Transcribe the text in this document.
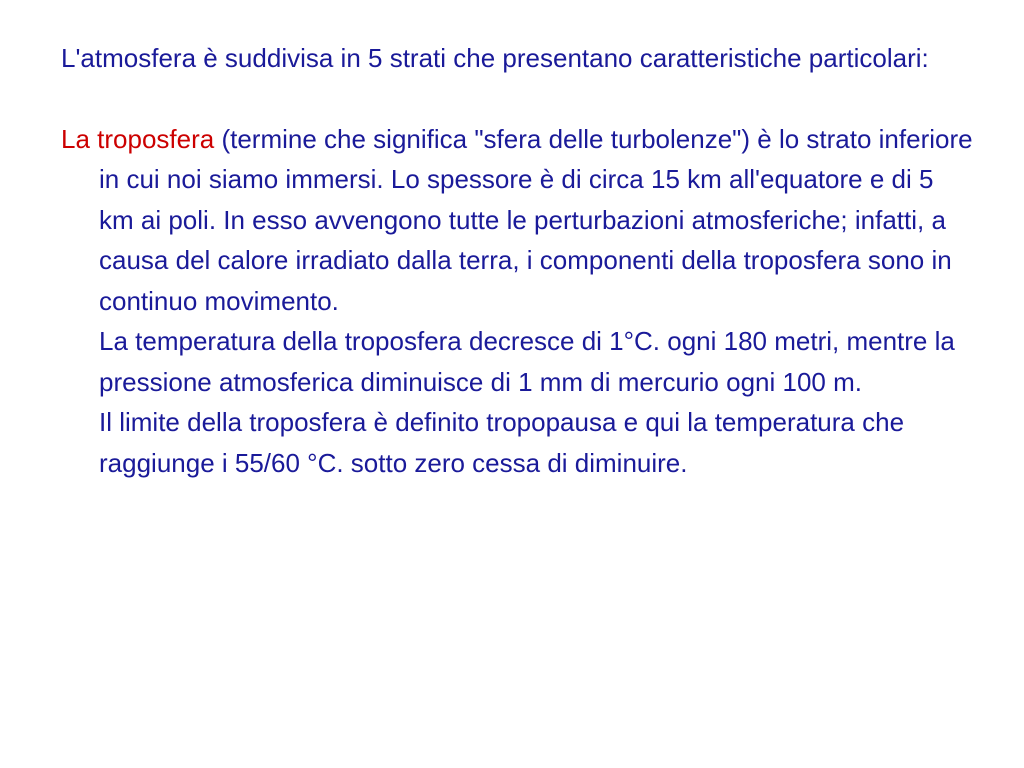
L'atmosfera è suddivisa in 5 strati che presentano caratteristiche particolari:

La troposfera (termine che significa "sfera delle turbolenze") è lo strato inferiore in cui noi siamo immersi. Lo spessore è di circa 15 km all'equatore e di 5 km ai poli. In esso avvengono tutte le perturbazioni atmosferiche; infatti, a causa del calore irradiato dalla terra, i componenti della troposfera sono in continuo movimento.

La temperatura della troposfera decresce di 1°C. ogni 180 metri, mentre la pressione atmosferica diminuisce di 1 mm di mercurio ogni 100 m.

Il limite della troposfera è definito tropopausa e qui la temperatura che raggiunge i 55/60 °C. sotto zero cessa di diminuire.
